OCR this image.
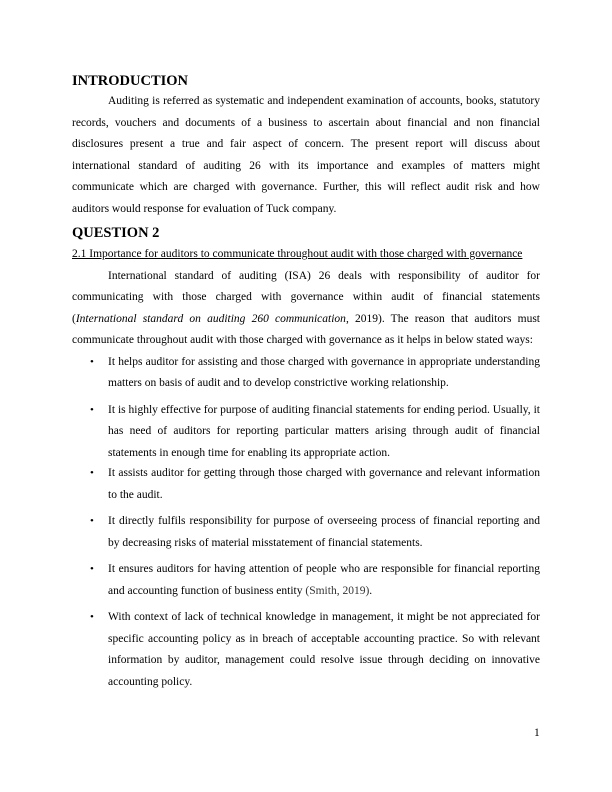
INTRODUCTION

Auditing is referred as systematic and independent examination of accounts, books, statutory records, vouchers and documents of a business to ascertain about financial and non financial disclosures present a true and fair aspect of concern. The present report will discuss about international standard of auditing 26 with its importance and examples of matters might communicate which are charged with governance. Further, this will reflect audit risk and how auditors would response for evaluation of Tuck company.

QUESTION 2
2.1 Importance for auditors to communicate throughout audit with those charged with governance

International standard of auditing (ISA) 26 deals with responsibility of auditor for communicating with those charged with governance within audit of financial statements (International standard on auditing 260 communication, 2019). The reason that auditors must communicate throughout audit with those charged with governance as it helps in below stated ways:

• It helps auditor for assisting and those charged with governance in appropriate understanding matters on basis of audit and to develop constrictive working relationship.
• It is highly effective for purpose of auditing financial statements for ending period. Usually, it has need of auditors for reporting particular matters arising through audit of financial statements in enough time for enabling its appropriate action.
• It assists auditor for getting through those charged with governance and relevant information to the audit.
• It directly fulfils responsibility for purpose of overseeing process of financial reporting and by decreasing risks of material misstatement of financial statements.
• It ensures auditors for having attention of people who are responsible for financial reporting and accounting function of business entity (Smith, 2019).
• With context of lack of technical knowledge in management, it might be not appreciated for specific accounting policy as in breach of acceptable accounting practice. So with relevant information by auditor, management could resolve issue through deciding on innovative accounting policy.
1
